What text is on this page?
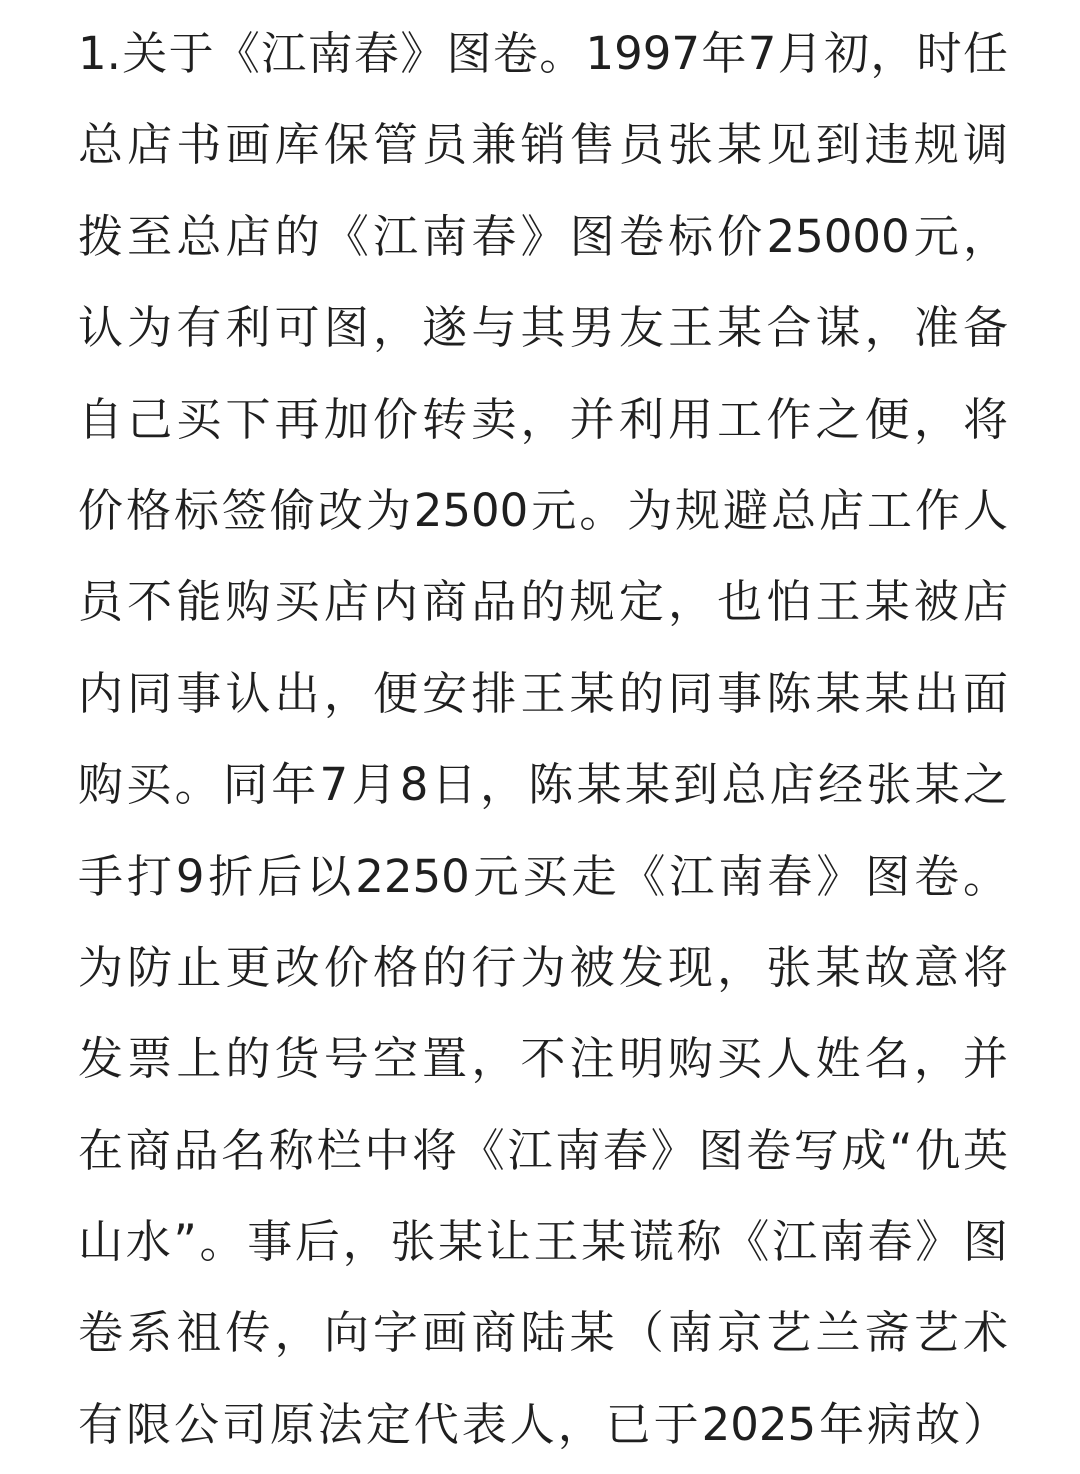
1.关于《江南春》图卷。1997年7月初，时任
总店书画库保管员兼销售员张某见到违规调
拨至总店的《江南春》图卷标价25000元，
认为有利可图，遂与其男友王某合谋，准备
自己买下再加价转卖，并利用工作之便，将
价格标签偷改为2500元。为规避总店工作人
员不能购买店内商品的规定，也怕王某被店
内同事认出，便安排王某的同事陈某某出面
购买。同年7月8日，陈某某到总店经张某之
手打9折后以2250元买走《江南春》图卷。
为防止更改价格的行为被发现，张某故意将
发票上的货号空置，不注明购买人姓名，并
在商品名称栏中将《江南春》图卷写成“仇英
山水”。事后，张某让王某谎称《江南春》图
卷系祖传，向字画商陆某（南京艺兰斋艺术
有限公司原法定代表人，已于2025年病故）
